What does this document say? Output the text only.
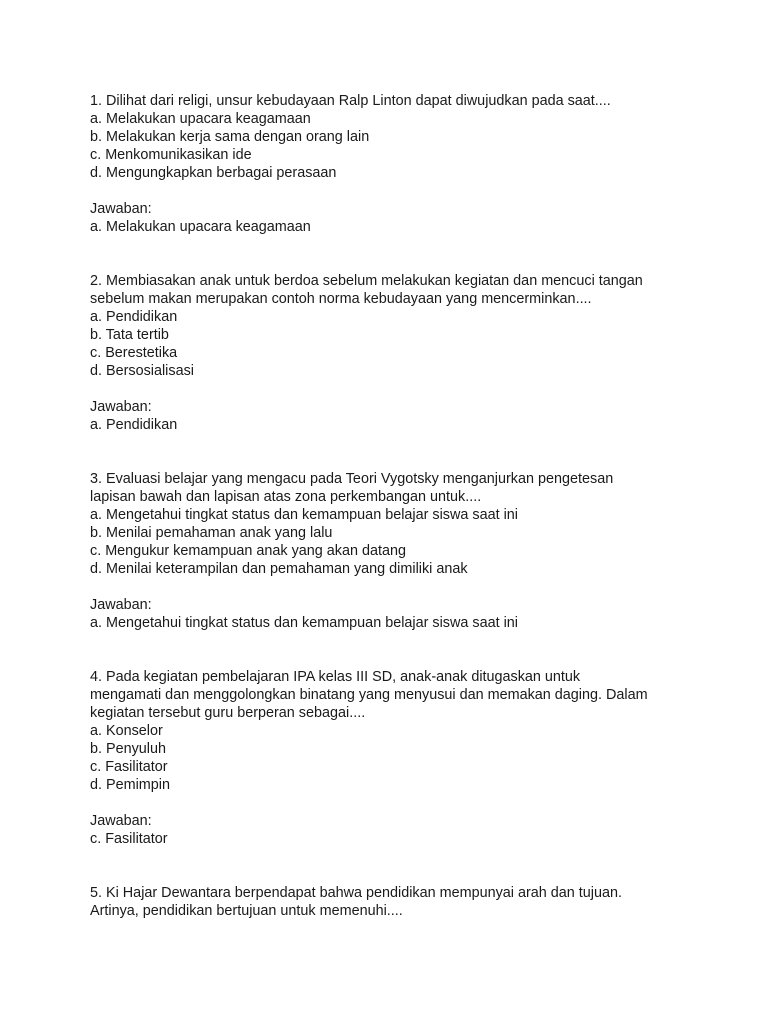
1. Dilihat dari religi, unsur kebudayaan Ralp Linton dapat diwujudkan pada saat....
a. Melakukan upacara keagamaan
b. Melakukan kerja sama dengan orang lain
c. Menkomunikasikan ide
d. Mengungkapkan berbagai perasaan
Jawaban:
a. Melakukan upacara keagamaan
2. Membiasakan anak untuk berdoa sebelum melakukan kegiatan dan mencuci tangan
sebelum makan merupakan contoh norma kebudayaan yang mencerminkan....
a. Pendidikan
b. Tata tertib
c. Berestetika
d. Bersosialisasi
Jawaban:
a. Pendidikan
3. Evaluasi belajar yang mengacu pada Teori Vygotsky menganjurkan pengetesan
lapisan bawah dan lapisan atas zona perkembangan untuk....
a. Mengetahui tingkat status dan kemampuan belajar siswa saat ini
b. Menilai pemahaman anak yang lalu
c. Mengukur kemampuan anak yang akan datang
d. Menilai keterampilan dan pemahaman yang dimiliki anak
Jawaban:
a. Mengetahui tingkat status dan kemampuan belajar siswa saat ini
4. Pada kegiatan pembelajaran IPA kelas III SD, anak-anak ditugaskan untuk
mengamati dan menggolongkan binatang yang menyusui dan memakan daging. Dalam
kegiatan tersebut guru berperan sebagai....
a. Konselor
b. Penyuluh
c. Fasilitator
d. Pemimpin
Jawaban:
c. Fasilitator
5. Ki Hajar Dewantara berpendapat bahwa pendidikan mempunyai arah dan tujuan.
Artinya, pendidikan bertujuan untuk memenuhi....
